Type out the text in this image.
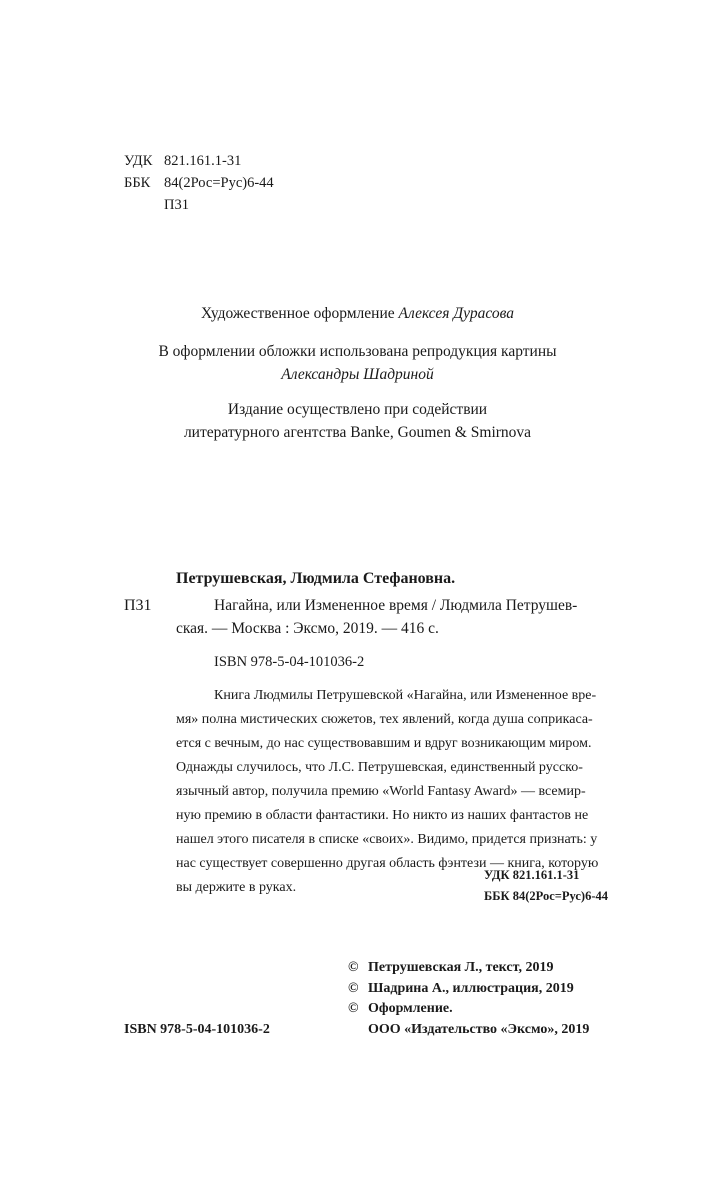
УДК 821.161.1-31
ББК 84(2Рос=Рус)6-44
П31
Художественное оформление Алексея Дурасова
В оформлении обложки использована репродукция картины
Александры Шадриной
Издание осуществлено при содействии
литературного агентства Banke, Goumen & Smirnova
Петрушевская, Людмила Стефановна.
П31	Нагайна, или Измененное время / Людмила Петрушев-
ская. — Москва : Эксмо, 2019. — 416 с.
ISBN 978-5-04-101036-2
Книга Людмилы Петрушевской «Нагайна, или Измененное вре-
мя» полна мистических сюжетов, тех явлений, когда душа соприкаса-
ется с вечным, до нас существовавшим и вдруг возникающим миром.
Однажды случилось, что Л.С. Петрушевская, единственный русско-
язычный автор, получила премию «World Fantasy Award» — всемир-
ную премию в области фантастики. Но никто из наших фантастов не
нашел этого писателя в списке «своих». Видимо, придется признать: у
нас существует совершенно другая область фэнтези — книга, которую
вы держите в руках.
УДК 821.161.1-31
ББК 84(2Рос=Рус)6-44
© Петрушевская Л., текст, 2019
© Шадрина А., иллюстрация, 2019
© Оформление.
ООО «Издательство «Эксмо», 2019
ISBN 978-5-04-101036-2
